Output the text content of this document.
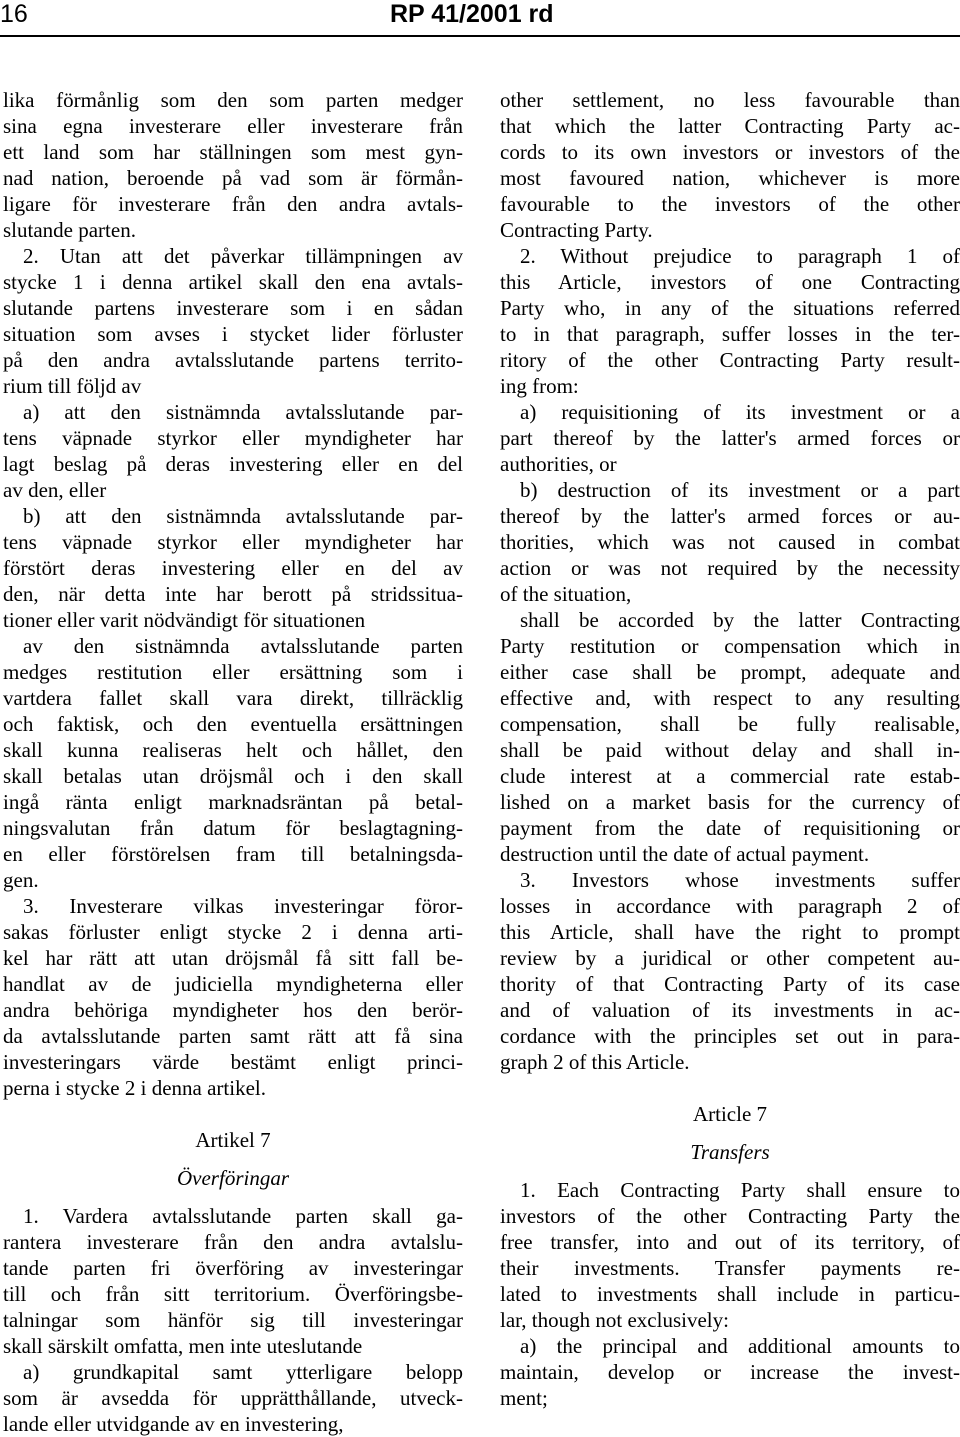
16	RP 41/2001 rd
lika förmånlig som den som parten medger
sina egna investerare eller investerare från
ett land som har ställningen som mest gyn-
nad nation, beroende på vad som är förmån-
ligare för investerare från den andra avtals-
slutande parten.
2. Utan att det påverkar tillämpningen av
stycke 1 i denna artikel skall den ena avtals-
slutande partens investerare som i en sådan
situation som avses i stycket lider förluster
på den andra avtalsslutande partens territo-
rium till följd av
a) att den sistnämnda avtalsslutande par-
tens väpnade styrkor eller myndigheter har
lagt beslag på deras investering eller en del
av den, eller
b) att den sistnämnda avtalsslutande par-
tens väpnade styrkor eller myndigheter har
förstört deras investering eller en del av
den, när detta inte har berott på stridssitua-
tioner eller varit nödvändigt för situationen
av den sistnämnda avtalsslutande parten
medges restitution eller ersättning som i
vartdera fallet skall vara direkt, tillräcklig
och faktisk, och den eventuella ersättningen
skall kunna realiseras helt och hållet, den
skall betalas utan dröjsmål och i den skall
ingå ränta enligt marknadsräntan på betal-
ningsvalutan från datum för beslagtagning-
en eller förstörelsen fram till betalningsda-
gen.
3. Investerare vilkas investeringar föror-
sakas förluster enligt stycke 2 i denna arti-
kel har rätt att utan dröjsmål få sitt fall be-
handlat av de judiciella myndigheterna eller
andra behöriga myndigheter hos den berör-
da avtalsslutande parten samt rätt att få sina
investeringars värde bestämt enligt princi-
perna i stycke 2 i denna artikel.
Artikel 7
Överföringar
1. Vardera avtalsslutande parten skall ga-
rantera investerare från den andra avtalslu-
tande parten fri överföring av investeringar
till och från sitt territorium. Överföringsbe-
talningar som hänför sig till investeringar
skall särskilt omfatta, men inte uteslutande
a) grundkapital samt ytterligare belopp
som är avsedda för upprätthållande, utveck-
lande eller utvidgande av en investering,
other settlement, no less favourable than
that which the latter Contracting Party ac-
cords to its own investors or investors of the
most favoured nation, whichever is more
favourable to the investors of the other
Contracting Party.
2. Without prejudice to paragraph 1 of
this Article, investors of one Contracting
Party who, in any of the situations referred
to in that paragraph, suffer losses in the ter-
ritory of the other Contracting Party result-
ing from:
a) requisitioning of its investment or a
part thereof by the latter's armed forces or
authorities, or
b) destruction of its investment or a part
thereof by the latter's armed forces or au-
thorities, which was not caused in combat
action or was not required by the necessity
of the situation,
shall be accorded by the latter Contracting
Party restitution or compensation which in
either case shall be prompt, adequate and
effective and, with respect to any resulting
compensation, shall be fully realisable,
shall be paid without delay and shall in-
clude interest at a commercial rate estab-
lished on a market basis for the currency of
payment from the date of requisitioning or
destruction until the date of actual payment.
3. Investors whose investments suffer
losses in accordance with paragraph 2 of
this Article, shall have the right to prompt
review by a juridical or other competent au-
thority of that Contracting Party of its case
and of valuation of its investments in ac-
cordance with the principles set out in para-
graph 2 of this Article.
Article 7
Transfers
1. Each Contracting Party shall ensure to
investors of the other Contracting Party the
free transfer, into and out of its territory, of
their investments. Transfer payments re-
lated to investments shall include in particu-
lar, though not exclusively:
a) the principal and additional amounts to
maintain, develop or increase the invest-
ment;
